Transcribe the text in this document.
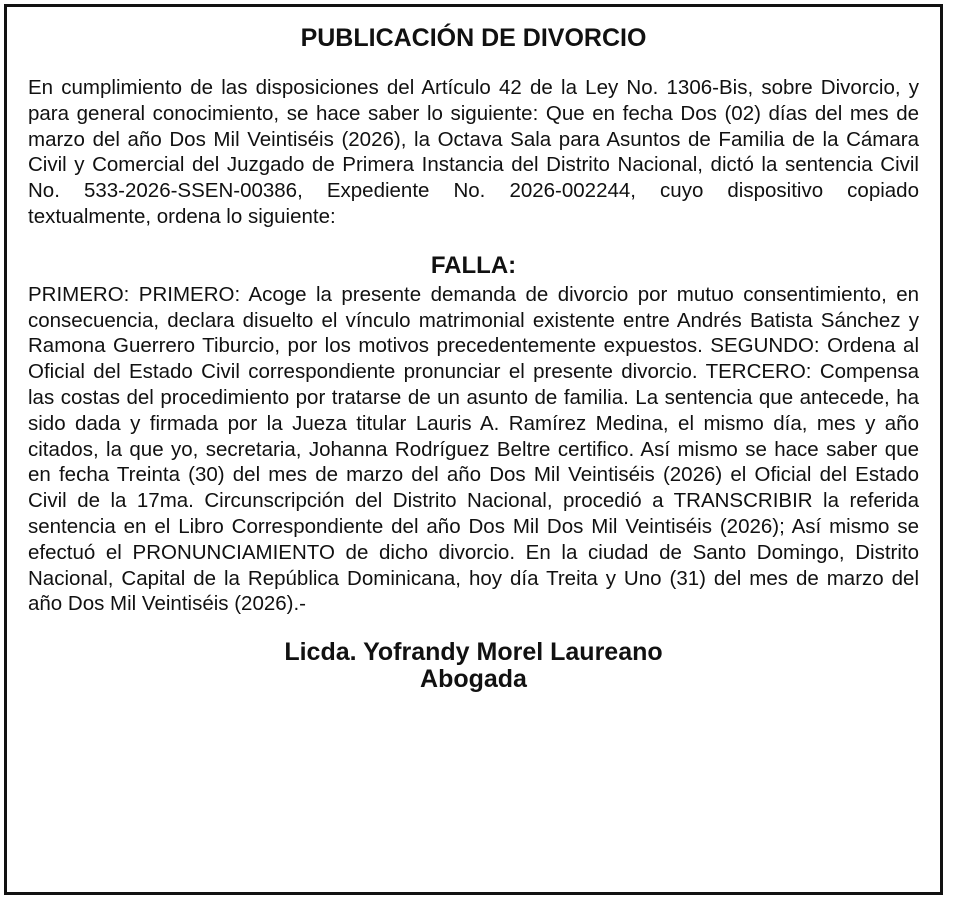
PUBLICACIÓN DE DIVORCIO

En cumplimiento de las disposiciones del Artículo 42 de la Ley No. 1306-Bis, sobre Divorcio, y para general conocimiento, se hace saber lo siguiente: Que en fecha Dos (02) días del mes de marzo del año Dos Mil Veintiséis (2026), la Octava Sala para Asuntos de Familia de la Cámara Civil y Comercial del Juzgado de Primera Instancia del Distrito Nacional, dictó la sentencia Civil No. 533-2026-SSEN-00386, Expediente No. 2026-002244, cuyo dispositivo copiado textualmente, ordena lo siguiente:

FALLA:

PRIMERO: PRIMERO: Acoge la presente demanda de divorcio por mutuo consentimiento, en consecuencia, declara disuelto el vínculo matrimonial existente entre Andrés Batista Sánchez y Ramona Guerrero Tiburcio, por los motivos precedentemente expuestos. SEGUNDO: Ordena al Oficial del Estado Civil correspondiente pronunciar el presente divorcio. TERCERO: Compensa las costas del procedimiento por tratarse de un asunto de familia. La sentencia que antecede, ha sido dada y firmada por la Jueza titular Lauris A. Ramírez Medina, el mismo día, mes y año citados, la que yo, secretaria, Johanna Rodríguez Beltre certifico. Así mismo se hace saber que en fecha Treinta (30) del mes de marzo del año Dos Mil Veintiséis (2026) el Oficial del Estado Civil de la 17ma. Circunscripción del Distrito Nacional, procedió a TRANSCRIBIR la referida sentencia en el Libro Correspondiente del año Dos Mil Dos Mil Veintiséis (2026); Así mismo se efectuó el PRONUNCIAMIENTO de dicho divorcio. En la ciudad de Santo Domingo, Distrito Nacional, Capital de la República Dominicana, hoy día Treita y Uno (31) del mes de marzo del año Dos Mil Veintiséis (2026).-

Licda. Yofrandy Morel Laureano
Abogada
